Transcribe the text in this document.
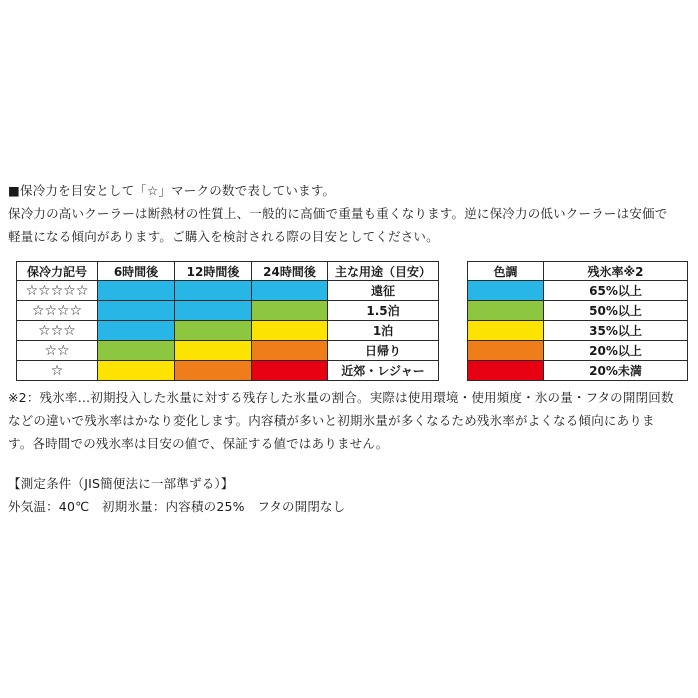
■保冷力を目安として「☆」マークの数で表しています。
保冷力の高いクーラーは断熱材の性質上、一般的に高価で重量も重くなります。逆に保冷力の低いクーラーは安価で
軽量になる傾向があります。ご購入を検討される際の目安としてください。
保冷力記号	6時間後	12時間後	24時間後	主な用途（目安）
☆☆☆☆☆				遠征
☆☆☆☆				1.5泊
☆☆☆				1泊
☆☆				日帰り
☆				近郊・レジャー
色調	残氷率※2
	65%以上
	50%以上
	35%以上
	20%以上
	20%未満
※2：残氷率…初期投入した氷量に対する残存した氷量の割合。実際は使用環境・使用頻度・氷の量・フタの開閉回数
などの違いで残氷率はかなり変化します。内容積が多いと初期氷量が多くなるため残氷率がよくなる傾向にありま
す。各時間での残氷率は目安の値で、保証する値ではありません。
【測定条件（JIS簡便法に一部準ずる）】
外気温：40℃　初期氷量：内容積の25%　フタの開閉なし
